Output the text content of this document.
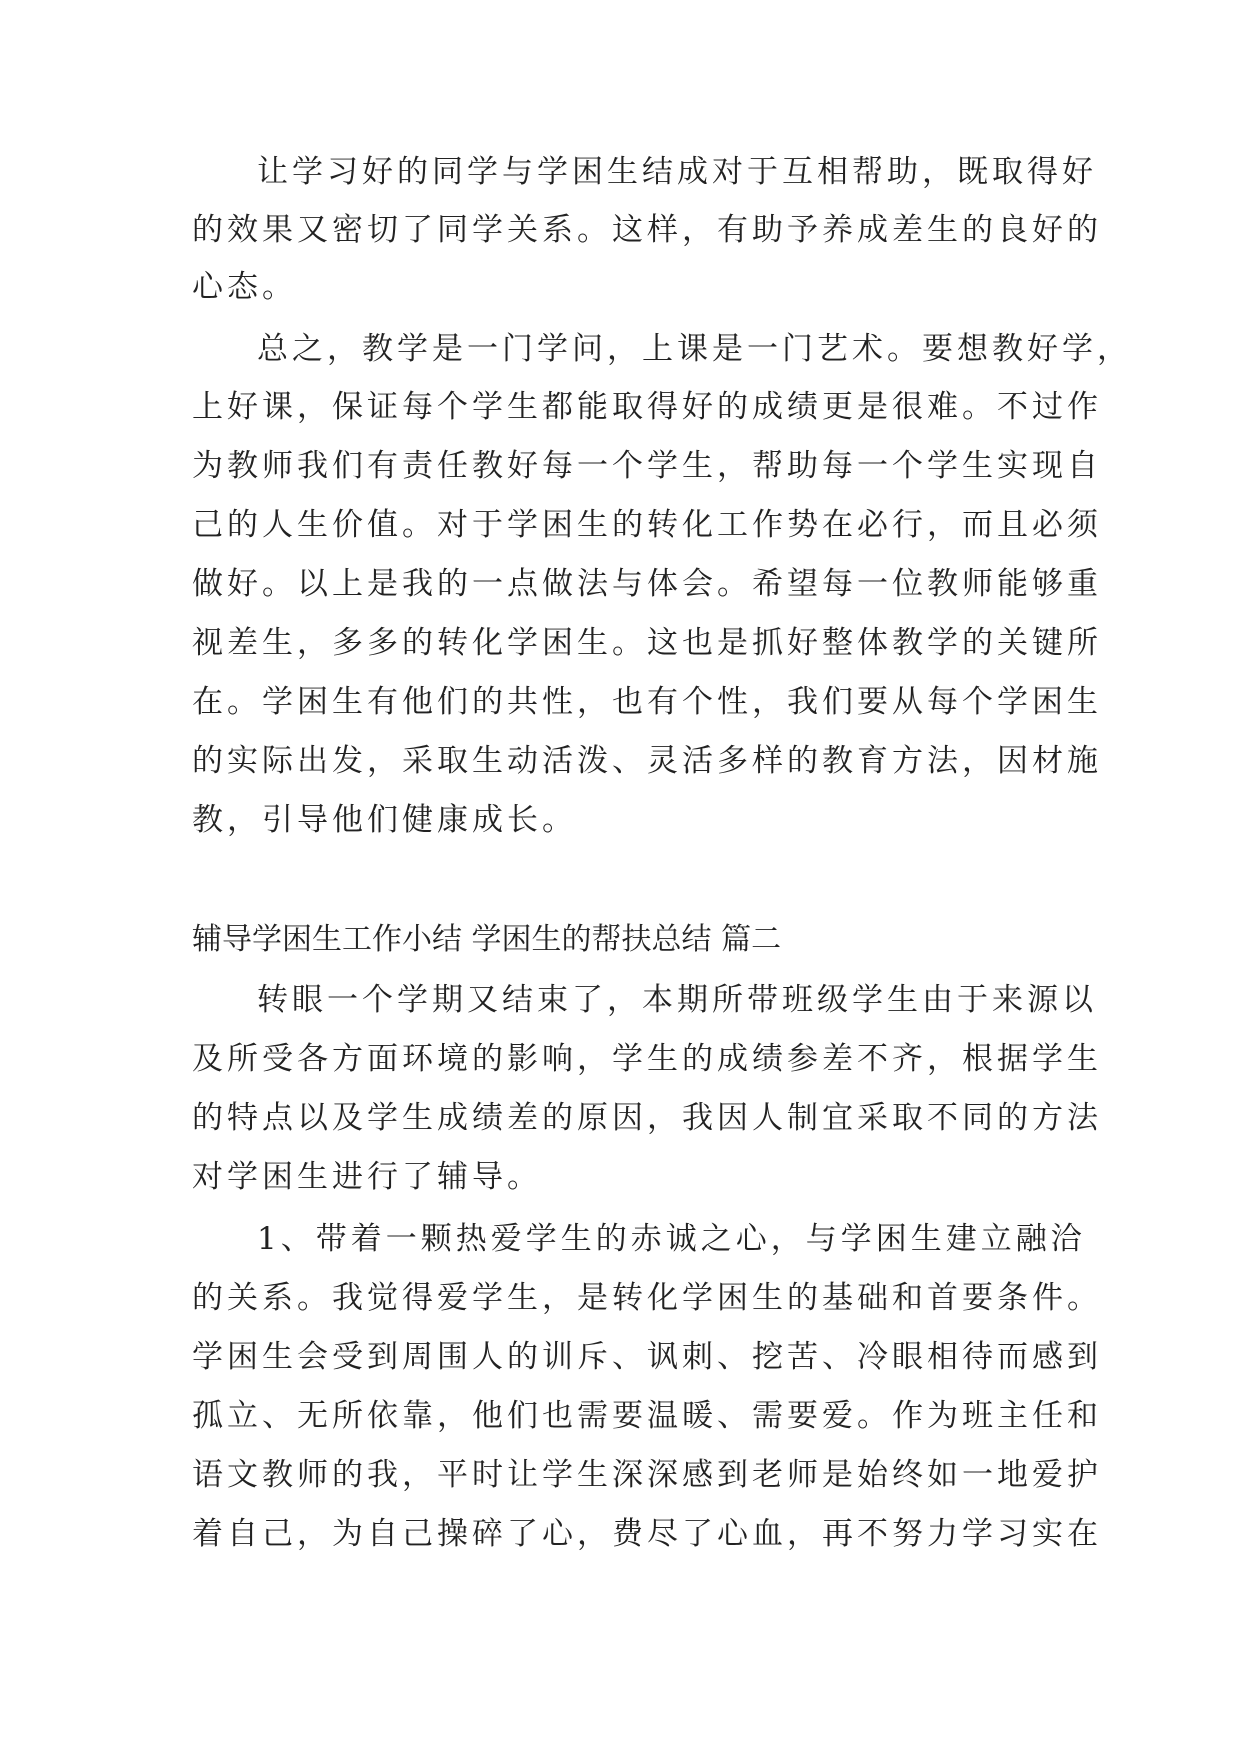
让学习好的同学与学困生结成对于互相帮助，既取得好
的效果又密切了同学关系。这样，有助予养成差生的良好的
心态。
总之，教学是一门学问，上课是一门艺术。要想教好学，
上好课，保证每个学生都能取得好的成绩更是很难。不过作
为教师我们有责任教好每一个学生，帮助每一个学生实现自
己的人生价值。对于学困生的转化工作势在必行，而且必须
做好。以上是我的一点做法与体会。希望每一位教师能够重
视差生，多多的转化学困生。这也是抓好整体教学的关键所
在。学困生有他们的共性，也有个性，我们要从每个学困生
的实际出发，采取生动活泼、灵活多样的教育方法，因材施
教，引导他们健康成长。
辅导学困生工作小结 学困生的帮扶总结 篇二
转眼一个学期又结束了，本期所带班级学生由于来源以
及所受各方面环境的影响，学生的成绩参差不齐，根据学生
的特点以及学生成绩差的原因，我因人制宜采取不同的方法
对学困生进行了辅导。
1、带着一颗热爱学生的赤诚之心，与学困生建立融洽
的关系。我觉得爱学生，是转化学困生的基础和首要条件。
学困生会受到周围人的训斥、讽刺、挖苦、冷眼相待而感到
孤立、无所依靠，他们也需要温暖、需要爱。作为班主任和
语文教师的我，平时让学生深深感到老师是始终如一地爱护
着自己，为自己操碎了心，费尽了心血，再不努力学习实在
